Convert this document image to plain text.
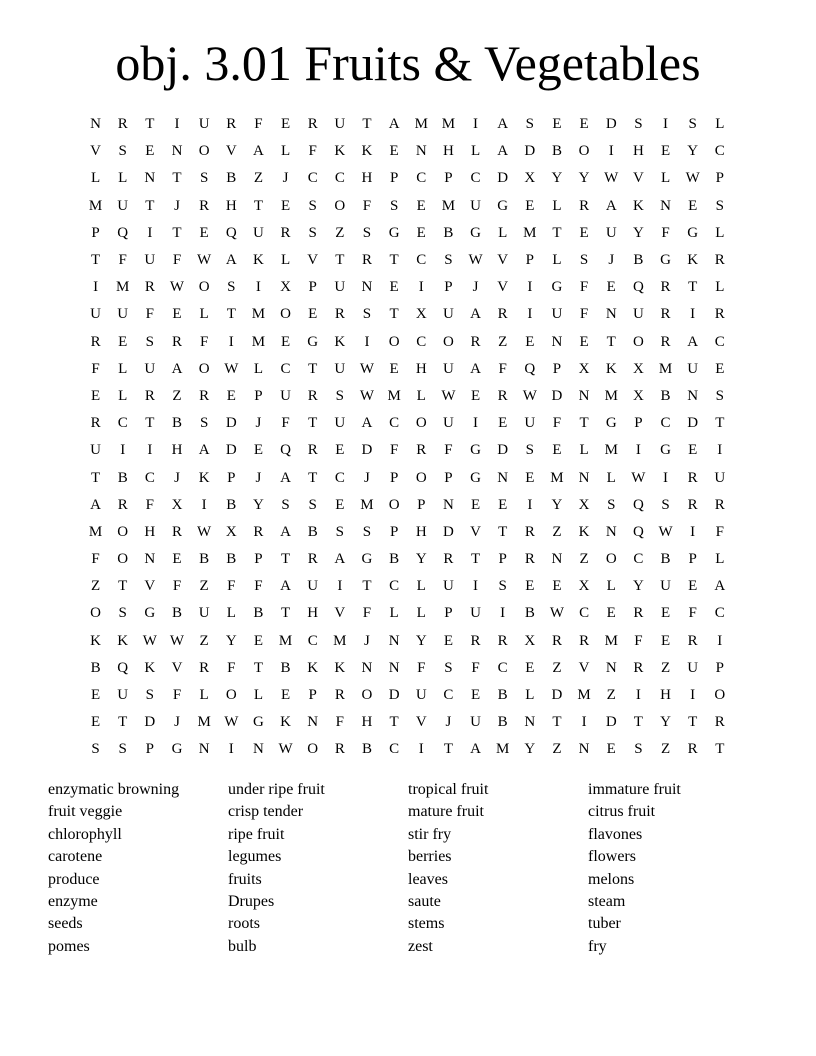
obj. 3.01 Fruits & Vegetables
N	R	T	I	U	R	F	E	R	U	T	A	M M	I	A	S	E	E	D	S	I	S	L
V	S	E	N	O	V	A	L	F	K	K	E	N	H	L	A	D	B	O	I	H	E	Y	C
L	L	N	T	S	B	Z	J	C	C	H	P	C	P	C	D	X	Y	Y W V	L	W	P
M	U	T	J	R	H	T	E	S	O	F	S	E	M	U	G	E	L	R	A	K	N	E	S
P	Q	I	T	E	Q	U	R	S	Z	S	G	E	B	G	L	M	T	E	U	Y	F	G	L
T	F	U	F	W A	K	L	V	T	R	T	C	S	W V	P	L	S	J	B	G	K	R
I	M	R	W O	S	I	X	P	U	N	E	I	P	J	V	I	G	F	E	Q	R	T	L
U	U	F	E	L	T	M	O	E	R	S	T	X	U	A	R	I	U	F	N	U	R	I	R
R	E	S	R	F	I	M	E	G	K	I	O	C	O	R	Z	E	N	E	T	O	R	A	C
F	L	U	A	O W	L	C	T	U W	E	H	U	A	F	Q	P	X	K	X	M	U	E
E	L	R	Z	R	E	P	U	R	S	W M	L	W	E	R	W D	N	M	X	B	N	S
R	C	T	B	S	D	J	F	T	U	A	C	O	U	I	E	U	F	T	G	P	C	D	T
U	I	I	H	A	D	E	Q	R	E	D	F	R	F	G	D	S	E	L	M	I	G	E	I
T	B	C	J	K	P	J	A	T	C	J	P	O	P	G	N	E	M	N	L	W	I	R	U
A	R	F	X	I	B	Y	S	S	E	M	O	P	N	E	E	I	Y	X	S	Q	S	R	R
M	O	H	R	W X	R	A	B	S	S	P	H	D	V	T	R	Z	K	N	Q W	I	F
F	O	N	E	B	B	P	T	R	A	G	B	Y	R	T	P	R	N	Z	O	C	B	P	L
Z	T	V	F	Z	F	F	A	U	I	T	C	L	U	I	S	E	E	X	L	Y	U	E	A
O	S	G	B	U	L	B	T	H	V	F	L	L	P	U	I	B	W	C	E	R	E	F	C
K	K W W	Z	Y	E	M	C	M	J	N	Y	E	R	R	X	R	R	M	F	E	R	I
B	Q	K	V	R	F	T	B	K	K	N	N	F	S	F	C	E	Z	V	N	R	Z	U	P
E	U	S	F	L	O	L	E	P	R	O	D	U	C	E	B	L	D	M	Z	I	H	I	O
E	T	D	J	M W G	K	N	F	H	T	V	J	U	B	N	T	I	D	T	Y	T	R
S	S	P	G	N	I	N W O	R	B	C	I	T	A	M	Y	Z	N	E	S	Z	R	T
enzymatic browning	under ripe fruit	tropical fruit	immature fruit
fruit veggie	crisp tender	mature fruit	citrus fruit
chlorophyll	ripe fruit	stir fry	flavones
carotene	legumes	berries	flowers
produce	fruits	leaves	melons
enzyme	Drupes	saute	steam
seeds	roots	stems	tuber
pomes	bulb	zest	fry
